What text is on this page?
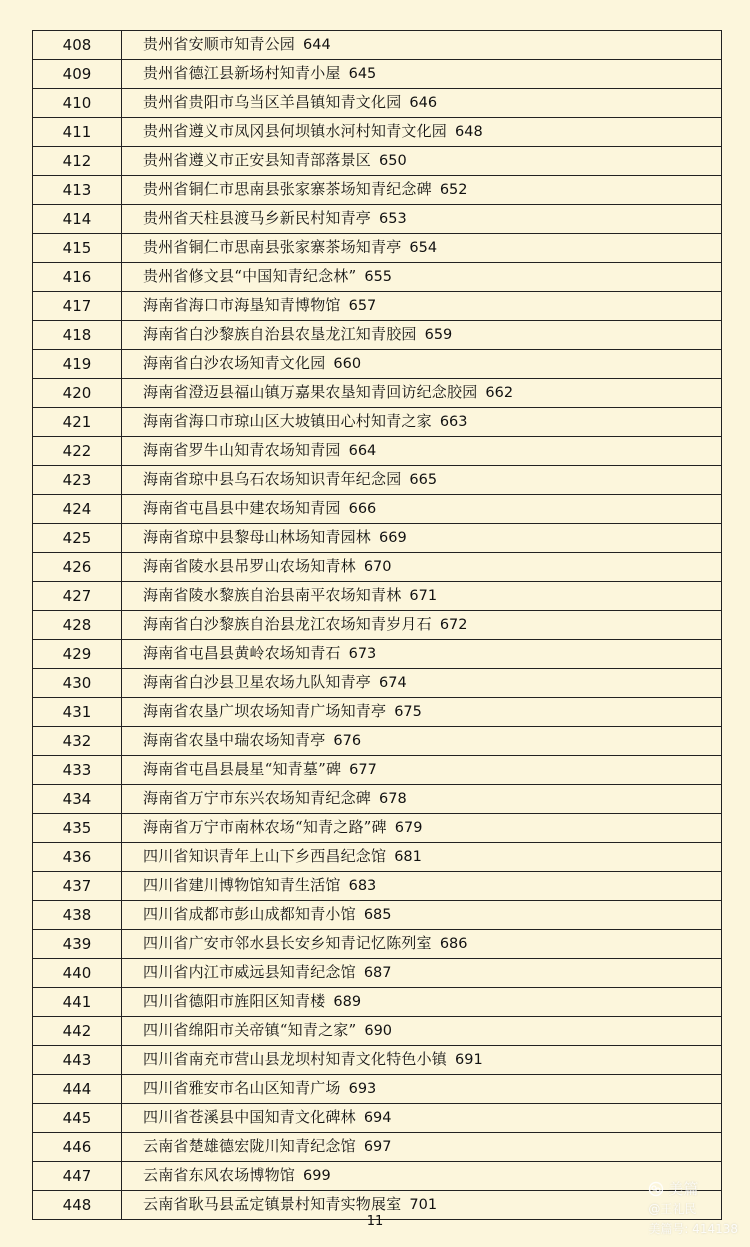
408	贵州省安顺市知青公园 644
409	贵州省德江县新场村知青小屋 645
410	贵州省贵阳市乌当区羊昌镇知青文化园 646
411	贵州省遵义市凤冈县何坝镇水河村知青文化园 648
412	贵州省遵义市正安县知青部落景区 650
413	贵州省铜仁市思南县张家寨茶场知青纪念碑 652
414	贵州省天柱县渡马乡新民村知青亭 653
415	贵州省铜仁市思南县张家寨茶场知青亭 654
416	贵州省修文县“中国知青纪念林” 655
417	海南省海口市海垦知青博物馆 657
418	海南省白沙黎族自治县农垦龙江知青胶园 659
419	海南省白沙农场知青文化园 660
420	海南省澄迈县福山镇万嘉果农垦知青回访纪念胶园 662
421	海南省海口市琼山区大坡镇田心村知青之家 663
422	海南省罗牛山知青农场知青园 664
423	海南省琼中县乌石农场知识青年纪念园 665
424	海南省屯昌县中建农场知青园 666
425	海南省琼中县黎母山林场知青园林 669
426	海南省陵水县吊罗山农场知青林 670
427	海南省陵水黎族自治县南平农场知青林 671
428	海南省白沙黎族自治县龙江农场知青岁月石 672
429	海南省屯昌县黄岭农场知青石 673
430	海南省白沙县卫星农场九队知青亭 674
431	海南省农垦广坝农场知青广场知青亭 675
432	海南省农垦中瑞农场知青亭 676
433	海南省屯昌县晨星“知青墓”碑 677
434	海南省万宁市东兴农场知青纪念碑 678
435	海南省万宁市南林农场“知青之路”碑 679
436	四川省知识青年上山下乡西昌纪念馆 681
437	四川省建川博物馆知青生活馆 683
438	四川省成都市彭山成都知青小馆 685
439	四川省广安市邻水县长安乡知青记忆陈列室 686
440	四川省内江市威远县知青纪念馆 687
441	四川省德阳市旌阳区知青楼 689
442	四川省绵阳市关帝镇“知青之家” 690
443	四川省南充市营山县龙坝村知青文化特色小镇 691
444	四川省雅安市名山区知青广场 693
445	四川省苍溪县中国知青文化碑林 694
446	云南省楚雄德宏陇川知青纪念馆 697
447	云南省东风农场博物馆 699
448	云南省耿马县孟定镇景村知青实物展室 701
11
美篇
@王礼民
美篇号: 414138
